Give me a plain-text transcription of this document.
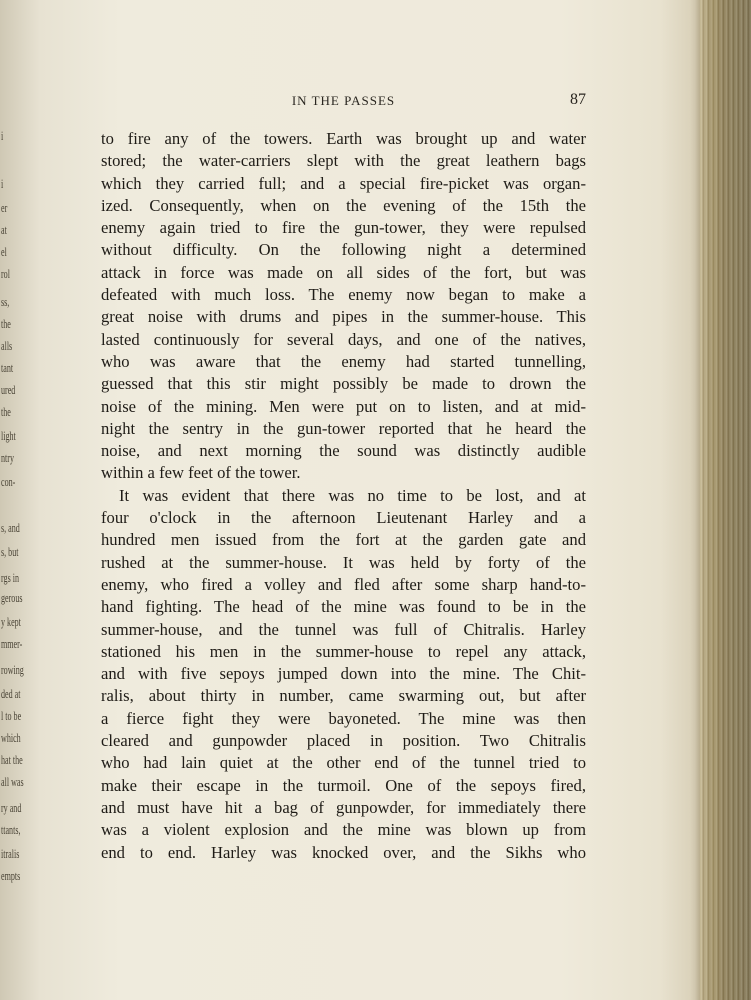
i
i
er
at
el
rol
ss,
the
alls
tant
ured
the
light
ntry
con-
s, and
s, but
rgs in
gerous
y kept
mmer-
rowing
ded at
l to be
which
hat the
all was
ry and
ttants,
itralis
empts
IN THE PASSES	87
to fire any of the towers. Earth was brought up and water
stored; the water-carriers slept with the great leathern bags
which they carried full; and a special fire-picket was organ-
ized. Consequently, when on the evening of the 15th the
enemy again tried to fire the gun-tower, they were repulsed
without difficulty. On the following night a determined
attack in force was made on all sides of the fort, but was
defeated with much loss. The enemy now began to make a
great noise with drums and pipes in the summer-house. This
lasted continuously for several days, and one of the natives,
who was aware that the enemy had started tunnelling,
guessed that this stir might possibly be made to drown the
noise of the mining. Men were put on to listen, and at mid-
night the sentry in the gun-tower reported that he heard the
noise, and next morning the sound was distinctly audible
within a few feet of the tower.
It was evident that there was no time to be lost, and at
four o'clock in the afternoon Lieutenant Harley and a
hundred men issued from the fort at the garden gate and
rushed at the summer-house. It was held by forty of the
enemy, who fired a volley and fled after some sharp hand-to-
hand fighting. The head of the mine was found to be in the
summer-house, and the tunnel was full of Chitralis. Harley
stationed his men in the summer-house to repel any attack,
and with five sepoys jumped down into the mine. The Chit-
ralis, about thirty in number, came swarming out, but after
a fierce fight they were bayoneted. The mine was then
cleared and gunpowder placed in position. Two Chitralis
who had lain quiet at the other end of the tunnel tried to
make their escape in the turmoil. One of the sepoys fired,
and must have hit a bag of gunpowder, for immediately there
was a violent explosion and the mine was blown up from
end to end. Harley was knocked over, and the Sikhs who
